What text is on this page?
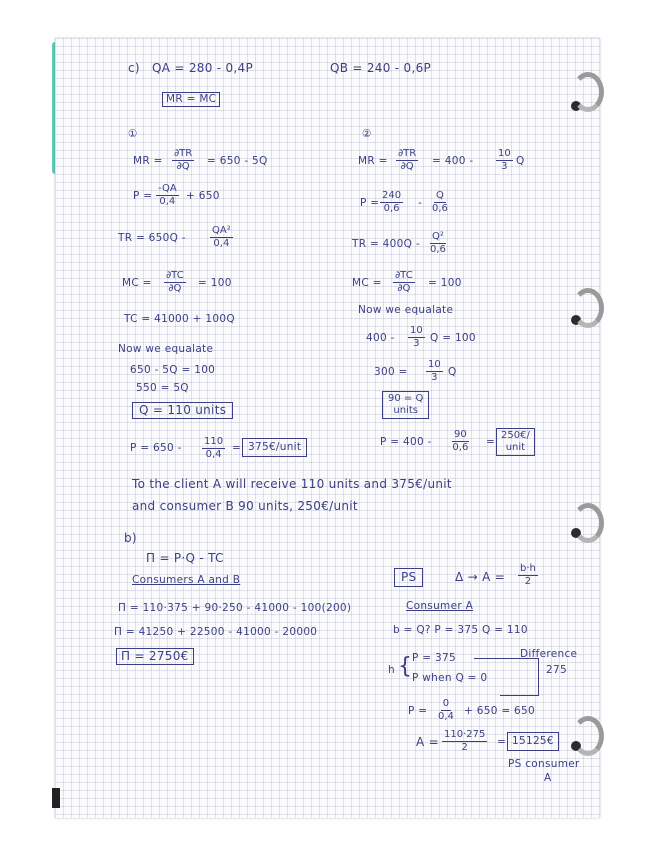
c) QA = 280 - 0,4P	QB = 240 - 0,6P
MR = MC
①
MR = $\frac{\partial TR}{\partial Q} = 650 - 5Q$
$P = \frac{-QA}{0,4} + 650$
TR = $650Q - \frac{\text{QA²}}{0,4}$
MC = $\frac{\partial TC}{\partial Q} = 100$
TC = 41000 + 100Q
Now we equalate
650 - 5Q = 100
550 = 5Q
Q = 110 units
$P = 650 - \frac{110}{0,4}$ = 375€/unit
②
MR = $\frac{\partial TR}{\partial Q} = 400 - \frac{10}{3}$ Q
$P = \frac{240}{0,6} - \frac{Q}{0,6}$
TR = $400Q - \frac{\text{Q²}}{0,6}$
MC = $\frac{\partial TC}{\partial Q} = 100$
Now we equalate
$400 - \frac{10}{3}$ Q = 100
$300 = \frac{10}{3}$ Q
90 = Q
units
$P = 400 - \frac{90}{0,6}$ =
250€/
unit
To the client A will receive 110 units and 375€/unit
and consumer B 90 units, 250€/unit
b)
Π = P·Q - TC
Consumers A and B
Π = 110·375 + 90·250 - 41000 - 100(200)
Π = 41250 + 22500 - 41000 - 20000
Π = 2750€
PS	$\Delta \to A = \frac{b\cdot h}{2}$
Consumer A
b = Q? P = 375 Q = 110
h { P = 375
P when Q = 0
Difference
275
$P = \frac{0}{0,4} + 650 = 650$
$A = \frac{110\cdot 275}{2}$ = 15125€
PS consumer
A
